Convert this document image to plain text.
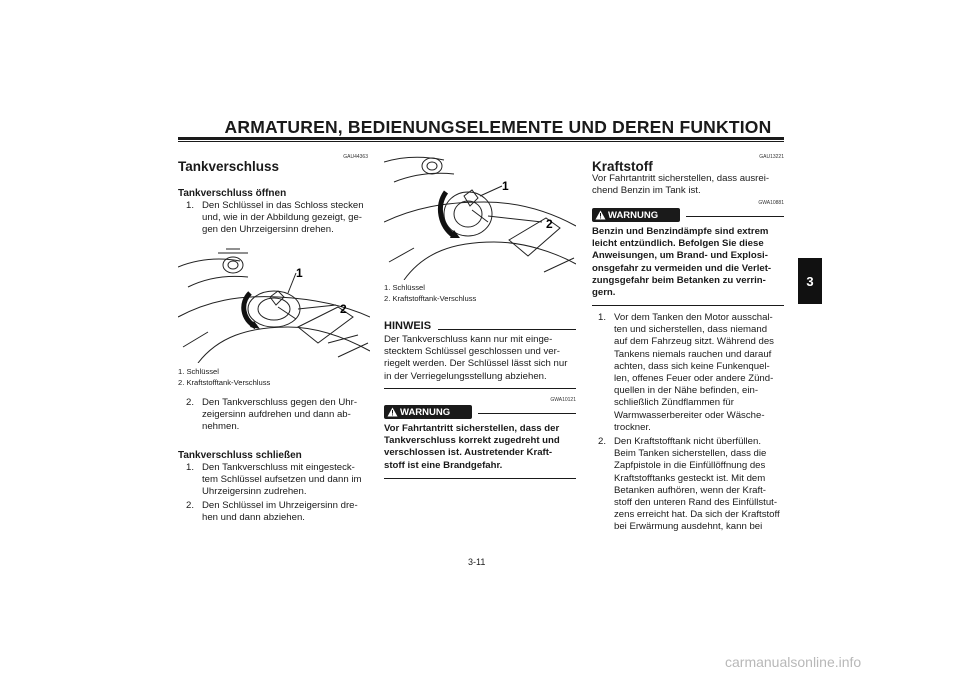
ARMATUREN, BEDIENUNGSELEMENTE UND DEREN FUNKTION
3
GAU44363
Tankverschluss
Tankverschluss öffnen
1. Den Schlüssel in das Schloss stecken
und, wie in der Abbildung gezeigt, ge-
gen den Uhrzeigersinn drehen.
1
2
1. Schlüssel
2. Kraftstofftank-Verschluss
2. Den Tankverschluss gegen den Uhr-
zeigersinn aufdrehen und dann ab-
nehmen.
Tankverschluss schließen
1. Den Tankverschluss mit eingesteck-
tem Schlüssel aufsetzen und dann im
Uhrzeigersinn zudrehen.
2. Den Schlüssel im Uhrzeigersinn dre-
hen und dann abziehen.
1
2
1. Schlüssel
2. Kraftstofftank-Verschluss
HINWEIS
Der Tankverschluss kann nur mit einge-
stecktem Schlüssel geschlossen und ver-
riegelt werden. Der Schlüssel lässt sich nur
in der Verriegelungsstellung abziehen.
GWA10121
WARNUNG
Vor Fahrtantritt sicherstellen, dass der
Tankverschluss korrekt zugedreht und
verschlossen ist. Austretender Kraft-
stoff ist eine Brandgefahr.
GAU13221
Kraftstoff
Vor Fahrtantritt sicherstellen, dass ausrei-
chend Benzin im Tank ist.
GWA10881
WARNUNG
Benzin und Benzindämpfe sind extrem
leicht entzündlich. Befolgen Sie diese
Anweisungen, um Brand- und Explosi-
onsgefahr zu vermeiden und die Verlet-
zungsgefahr beim Betanken zu verrin-
gern.
1. Vor dem Tanken den Motor ausschal-
ten und sicherstellen, dass niemand
auf dem Fahrzeug sitzt. Während des
Tankens niemals rauchen und darauf
achten, dass sich keine Funkenquel-
len, offenes Feuer oder andere Zünd-
quellen in der Nähe befinden, ein-
schließlich Zündflammen für
Warmwasserbereiter oder Wäsche-
trockner.
2. Den Kraftstofftank nicht überfüllen.
Beim Tanken sicherstellen, dass die
Zapfpistole in die Einfüllöffnung des
Kraftstofftanks gesteckt ist. Mit dem
Betanken aufhören, wenn der Kraft-
stoff den unteren Rand des Einfüllstut-
zens erreicht hat. Da sich der Kraftstoff
bei Erwärmung ausdehnt, kann bei
3-11
carmanualsonline.info
